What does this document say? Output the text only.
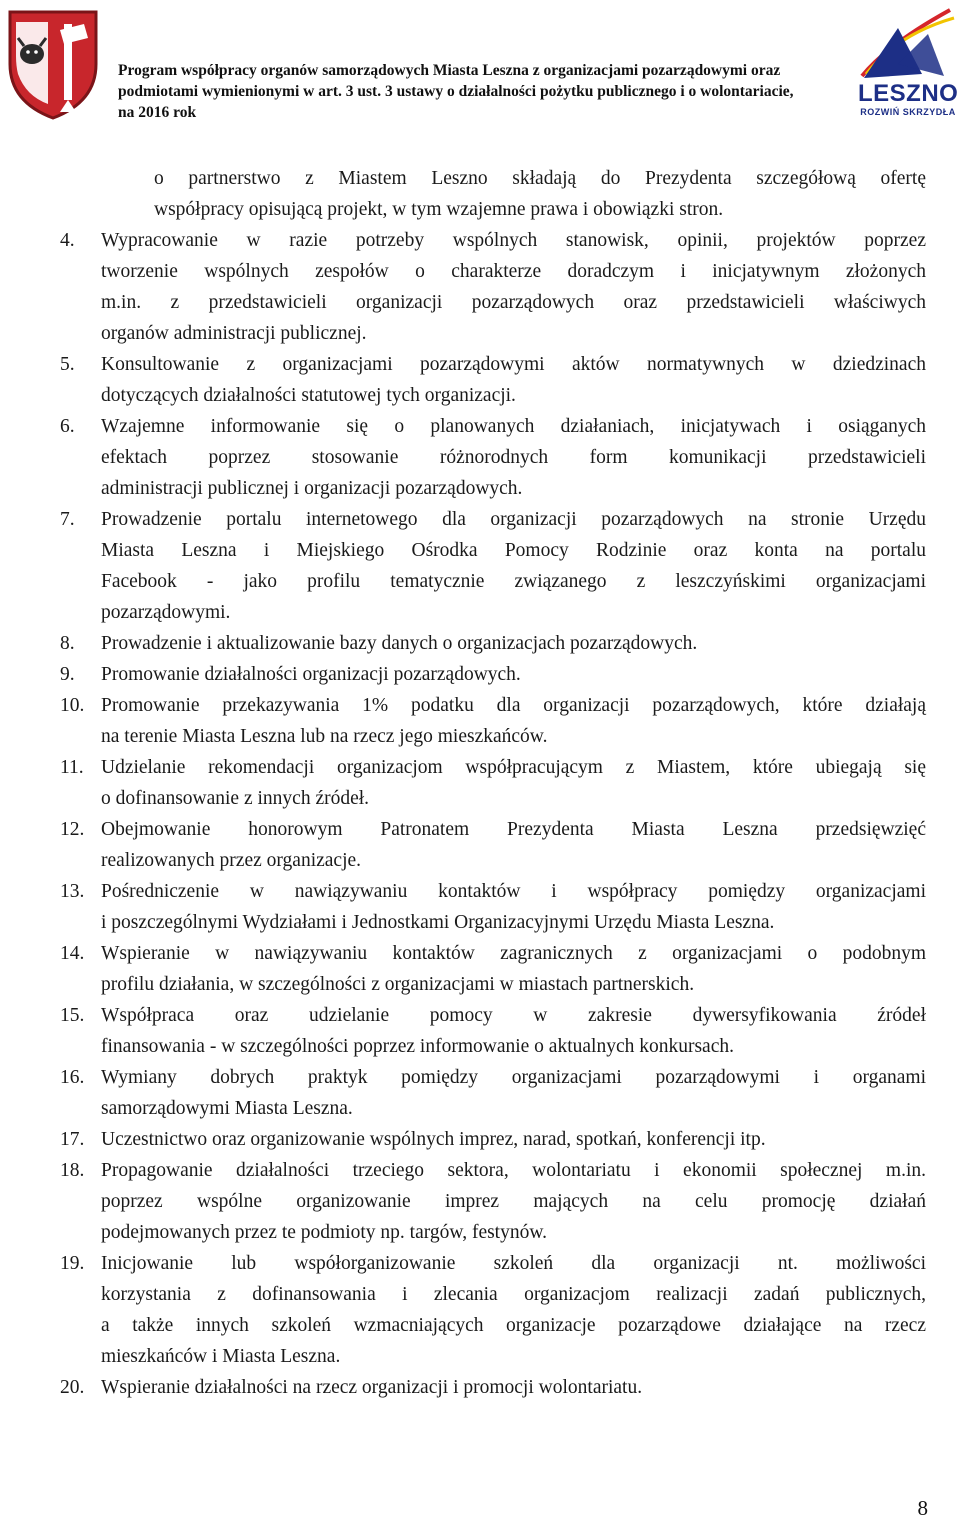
Program współpracy organów samorządowych Miasta Leszna z organizacjami pozarządowymi oraz
podmiotami wymienionymi w art. 3 ust. 3 ustawy o działalności pożytku publicznego i o wolontariacie,
na 2016 rok
LESZNO
ROZWIŃ SKRZYDŁA
o partnerstwo z Miastem Leszno składają do Prezydenta szczegółową ofertę
współpracy opisującą projekt, w tym wzajemne prawa i obowiązki stron.
4.	Wypracowanie w razie potrzeby wspólnych stanowisk, opinii, projektów poprzez
tworzenie wspólnych zespołów o charakterze doradczym i inicjatywnym złożonych
m.in. z przedstawicieli organizacji pozarządowych oraz przedstawicieli właściwych
organów administracji publicznej.
5.	Konsultowanie z organizacjami pozarządowymi aktów normatywnych w dziedzinach
dotyczących działalności statutowej tych organizacji.
6.	Wzajemne informowanie się o planowanych działaniach, inicjatywach i osiąganych
efektach poprzez stosowanie różnorodnych form komunikacji przedstawicieli
administracji publicznej i organizacji pozarządowych.
7.	Prowadzenie portalu internetowego dla organizacji pozarządowych na stronie Urzędu
Miasta Leszna i Miejskiego Ośrodka Pomocy Rodzinie oraz konta na portalu
Facebook - jako profilu tematycznie związanego z leszczyńskimi organizacjami
pozarządowymi.
8.	Prowadzenie i aktualizowanie bazy danych o organizacjach pozarządowych.
9.	Promowanie działalności organizacji pozarządowych.
10. Promowanie przekazywania 1% podatku dla organizacji pozarządowych, które działają
na terenie Miasta Leszna lub na rzecz jego mieszkańców.
11. Udzielanie rekomendacji organizacjom współpracującym z Miastem, które ubiegają się
o dofinansowanie z innych źródeł.
12. Obejmowanie honorowym Patronatem Prezydenta Miasta Leszna przedsięwzięć
realizowanych przez organizacje.
13. Pośredniczenie w nawiązywaniu kontaktów i współpracy pomiędzy organizacjami
i poszczególnymi Wydziałami i Jednostkami Organizacyjnymi Urzędu Miasta Leszna.
14. Wspieranie w nawiązywaniu kontaktów zagranicznych z organizacjami o podobnym
profilu działania, w szczególności z organizacjami w miastach partnerskich.
15. Współpraca oraz udzielanie pomocy w zakresie dywersyfikowania źródeł
finansowania - w szczególności poprzez informowanie o aktualnych konkursach.
16. Wymiany dobrych praktyk pomiędzy organizacjami pozarządowymi i organami
samorządowymi Miasta Leszna.
17. Uczestnictwo oraz organizowanie wspólnych imprez, narad, spotkań, konferencji itp.
18. Propagowanie działalności trzeciego sektora, wolontariatu i ekonomii społecznej m.in.
poprzez wspólne organizowanie imprez mających na celu promocję działań
podejmowanych przez te podmioty np. targów, festynów.
19. Inicjowanie lub współorganizowanie szkoleń dla organizacji nt. możliwości
korzystania z dofinansowania i zlecania organizacjom realizacji zadań publicznych,
a także innych szkoleń wzmacniających organizacje pozarządowe działające na rzecz
mieszkańców i Miasta Leszna.
20. Wspieranie działalności na rzecz organizacji i promocji wolontariatu.
8
